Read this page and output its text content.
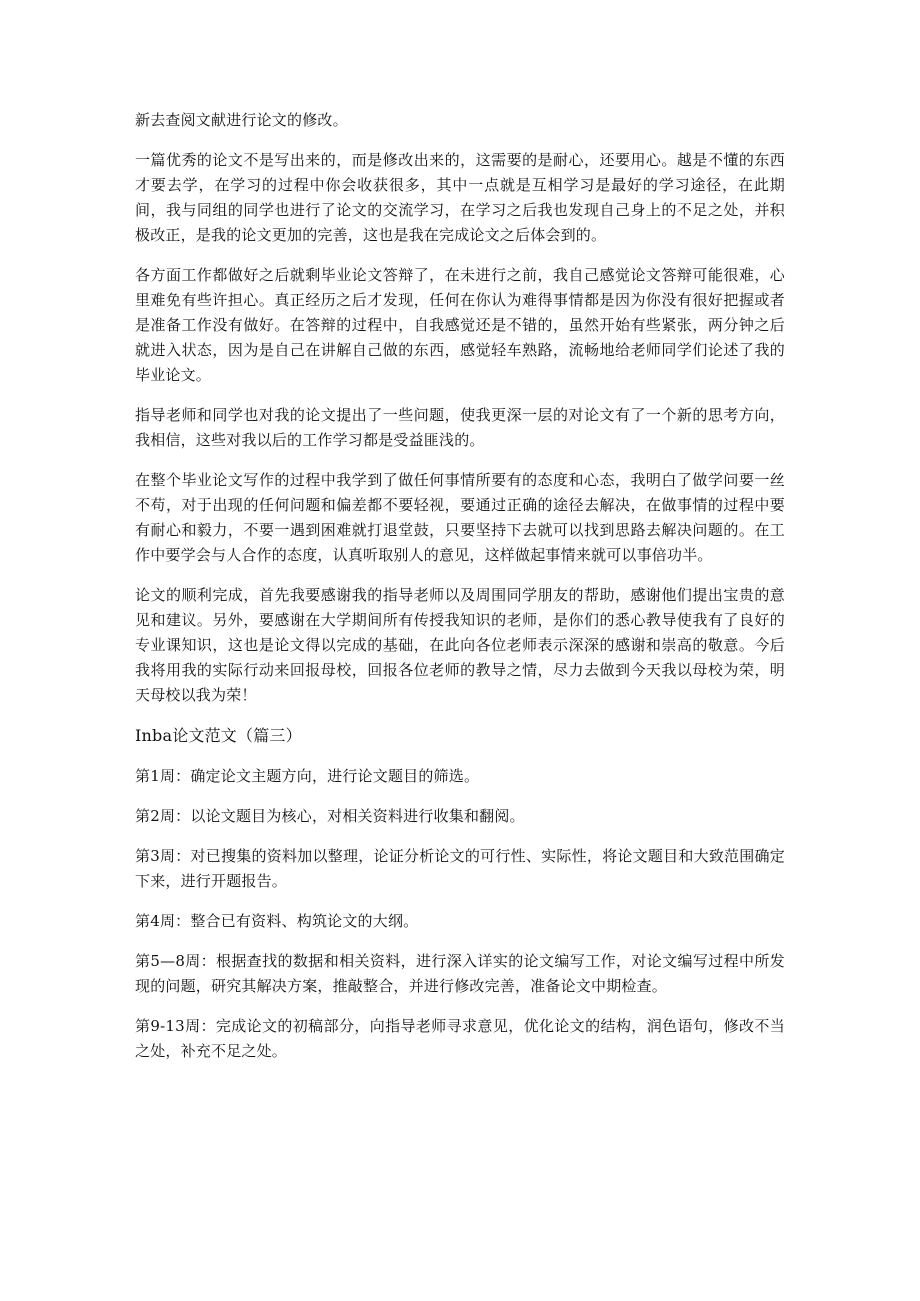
新去查阅文献进行论文的修改。

一篇优秀的论文不是写出来的，而是修改出来的，这需要的是耐心，还要用心。越是不懂的东西才要去学，在学习的过程中你会收获很多，其中一点就是互相学习是最好的学习途径，在此期间，我与同组的同学也进行了论文的交流学习，在学习之后我也发现自己身上的不足之处，并积极改正，是我的论文更加的完善，这也是我在完成论文之后体会到的。

各方面工作都做好之后就剩毕业论文答辩了，在未进行之前，我自己感觉论文答辩可能很难，心里难免有些许担心。真正经历之后才发现，任何在你认为难得事情都是因为你没有很好把握或者是准备工作没有做好。在答辩的过程中，自我感觉还是不错的，虽然开始有些紧张，两分钟之后就进入状态，因为是自己在讲解自己做的东西，感觉轻车熟路，流畅地给老师同学们论述了我的毕业论文。

指导老师和同学也对我的论文提出了一些问题，使我更深一层的对论文有了一个新的思考方向，我相信，这些对我以后的工作学习都是受益匪浅的。

在整个毕业论文写作的过程中我学到了做任何事情所要有的态度和心态，我明白了做学问要一丝不苟，对于出现的任何问题和偏差都不要轻视，要通过正确的途径去解决，在做事情的过程中要有耐心和毅力，不要一遇到困难就打退堂鼓，只要坚持下去就可以找到思路去解决问题的。在工作中要学会与人合作的态度，认真听取别人的意见，这样做起事情来就可以事倍功半。

论文的顺利完成，首先我要感谢我的指导老师以及周围同学朋友的帮助，感谢他们提出宝贵的意见和建议。另外，要感谢在大学期间所有传授我知识的老师，是你们的悉心教导使我有了良好的专业课知识，这也是论文得以完成的基础，在此向各位老师表示深深的感谢和崇高的敬意。今后我将用我的实际行动来回报母校，回报各位老师的教导之情，尽力去做到今天我以母校为荣，明天母校以我为荣！

Inba论文范文（篇三）

第1周：确定论文主题方向，进行论文题目的筛选。

第2周：以论文题目为核心，对相关资料进行收集和翻阅。

第3周：对已搜集的资料加以整理，论证分析论文的可行性、实际性，将论文题目和大致范围确定下来，进行开题报告。

第4周：整合已有资料、构筑论文的大纲。

第5—8周：根据查找的数据和相关资料，进行深入详实的论文编写工作，对论文编写过程中所发现的问题，研究其解决方案，推敲整合，并进行修改完善，准备论文中期检查。

第9-13周：完成论文的初稿部分，向指导老师寻求意见，优化论文的结构，润色语句，修改不当之处，补充不足之处。
